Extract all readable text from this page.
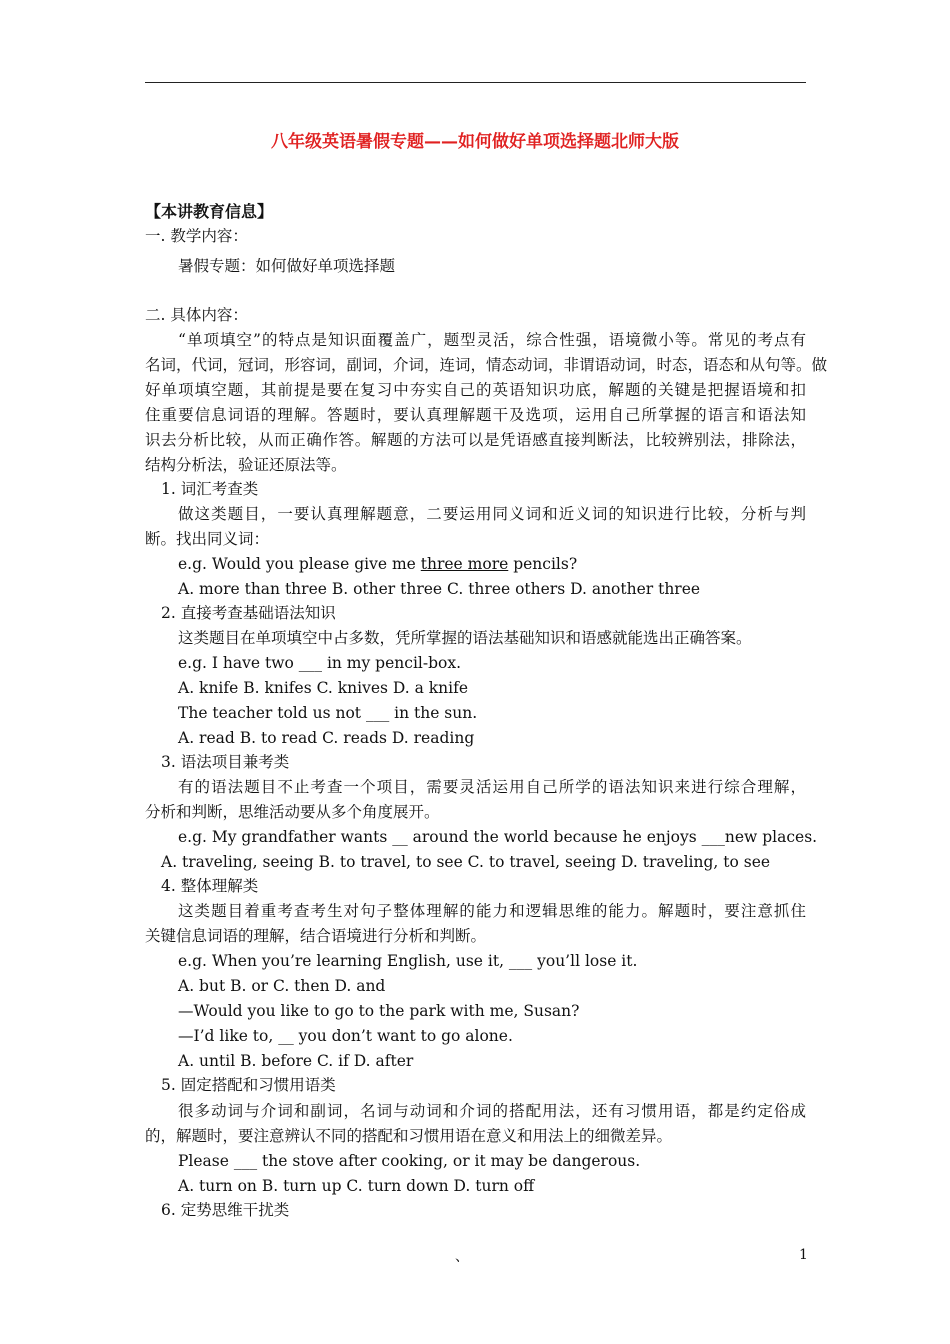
八年级英语暑假专题——如何做好单项选择题北师大版
【本讲教育信息】
一. 教学内容：
暑假专题：如何做好单项选择题
二. 具体内容：
“单项填空”的特点是知识面覆盖广，题型灵活，综合性强，语境微小等。常见的考点有
名词，代词，冠词，形容词，副词，介词，连词，情态动词，非谓语动词，时态，语态和从句等。做
好单项填空题，其前提是要在复习中夯实自己的英语知识功底，解题的关键是把握语境和扣
住重要信息词语的理解。答题时，要认真理解题干及选项，运用自己所掌握的语言和语法知
识去分析比较，从而正确作答。解题的方法可以是凭语感直接判断法，比较辨别法，排除法，
结构分析法，验证还原法等。
1. 词汇考查类
做这类题目，一要认真理解题意，二要运用同义词和近义词的知识进行比较，分析与判
断。找出同义词：
e.g. Would you please give me three more pencils?
A. more than three B. other three C. three others D. another three
2. 直接考查基础语法知识
这类题目在单项填空中占多数，凭所掌握的语法基础知识和语感就能选出正确答案。
e.g. I have two ___ in my pencil-box.
A. knife B. knifes C. knives D. a knife
The teacher told us not ___ in the sun.
A. read B. to read C. reads D. reading
3. 语法项目兼考类
有的语法题目不止考查一个项目，需要灵活运用自己所学的语法知识来进行综合理解，
分析和判断，思维活动要从多个角度展开。
e.g. My grandfather wants __ around the world because he enjoys ___new places.
A. traveling, seeing B. to travel, to see C. to travel, seeing D. traveling, to see
4. 整体理解类
这类题目着重考查考生对句子整体理解的能力和逻辑思维的能力。解题时，要注意抓住
关键信息词语的理解，结合语境进行分析和判断。
e.g. When you’re learning English, use it, ___ you’ll lose it.
A. but B. or C. then D. and
—Would you like to go to the park with me, Susan?
—I’d like to, __ you don’t want to go alone.
A. until B. before C. if D. after
5. 固定搭配和习惯用语类
很多动词与介词和副词，名词与动词和介词的搭配用法，还有习惯用语，都是约定俗成
的，解题时，要注意辨认不同的搭配和习惯用语在意义和用法上的细微差异。
Please ___ the stove after cooking, or it may be dangerous.
A. turn on B. turn up C. turn down D. turn off
6. 定势思维干扰类
、	1
